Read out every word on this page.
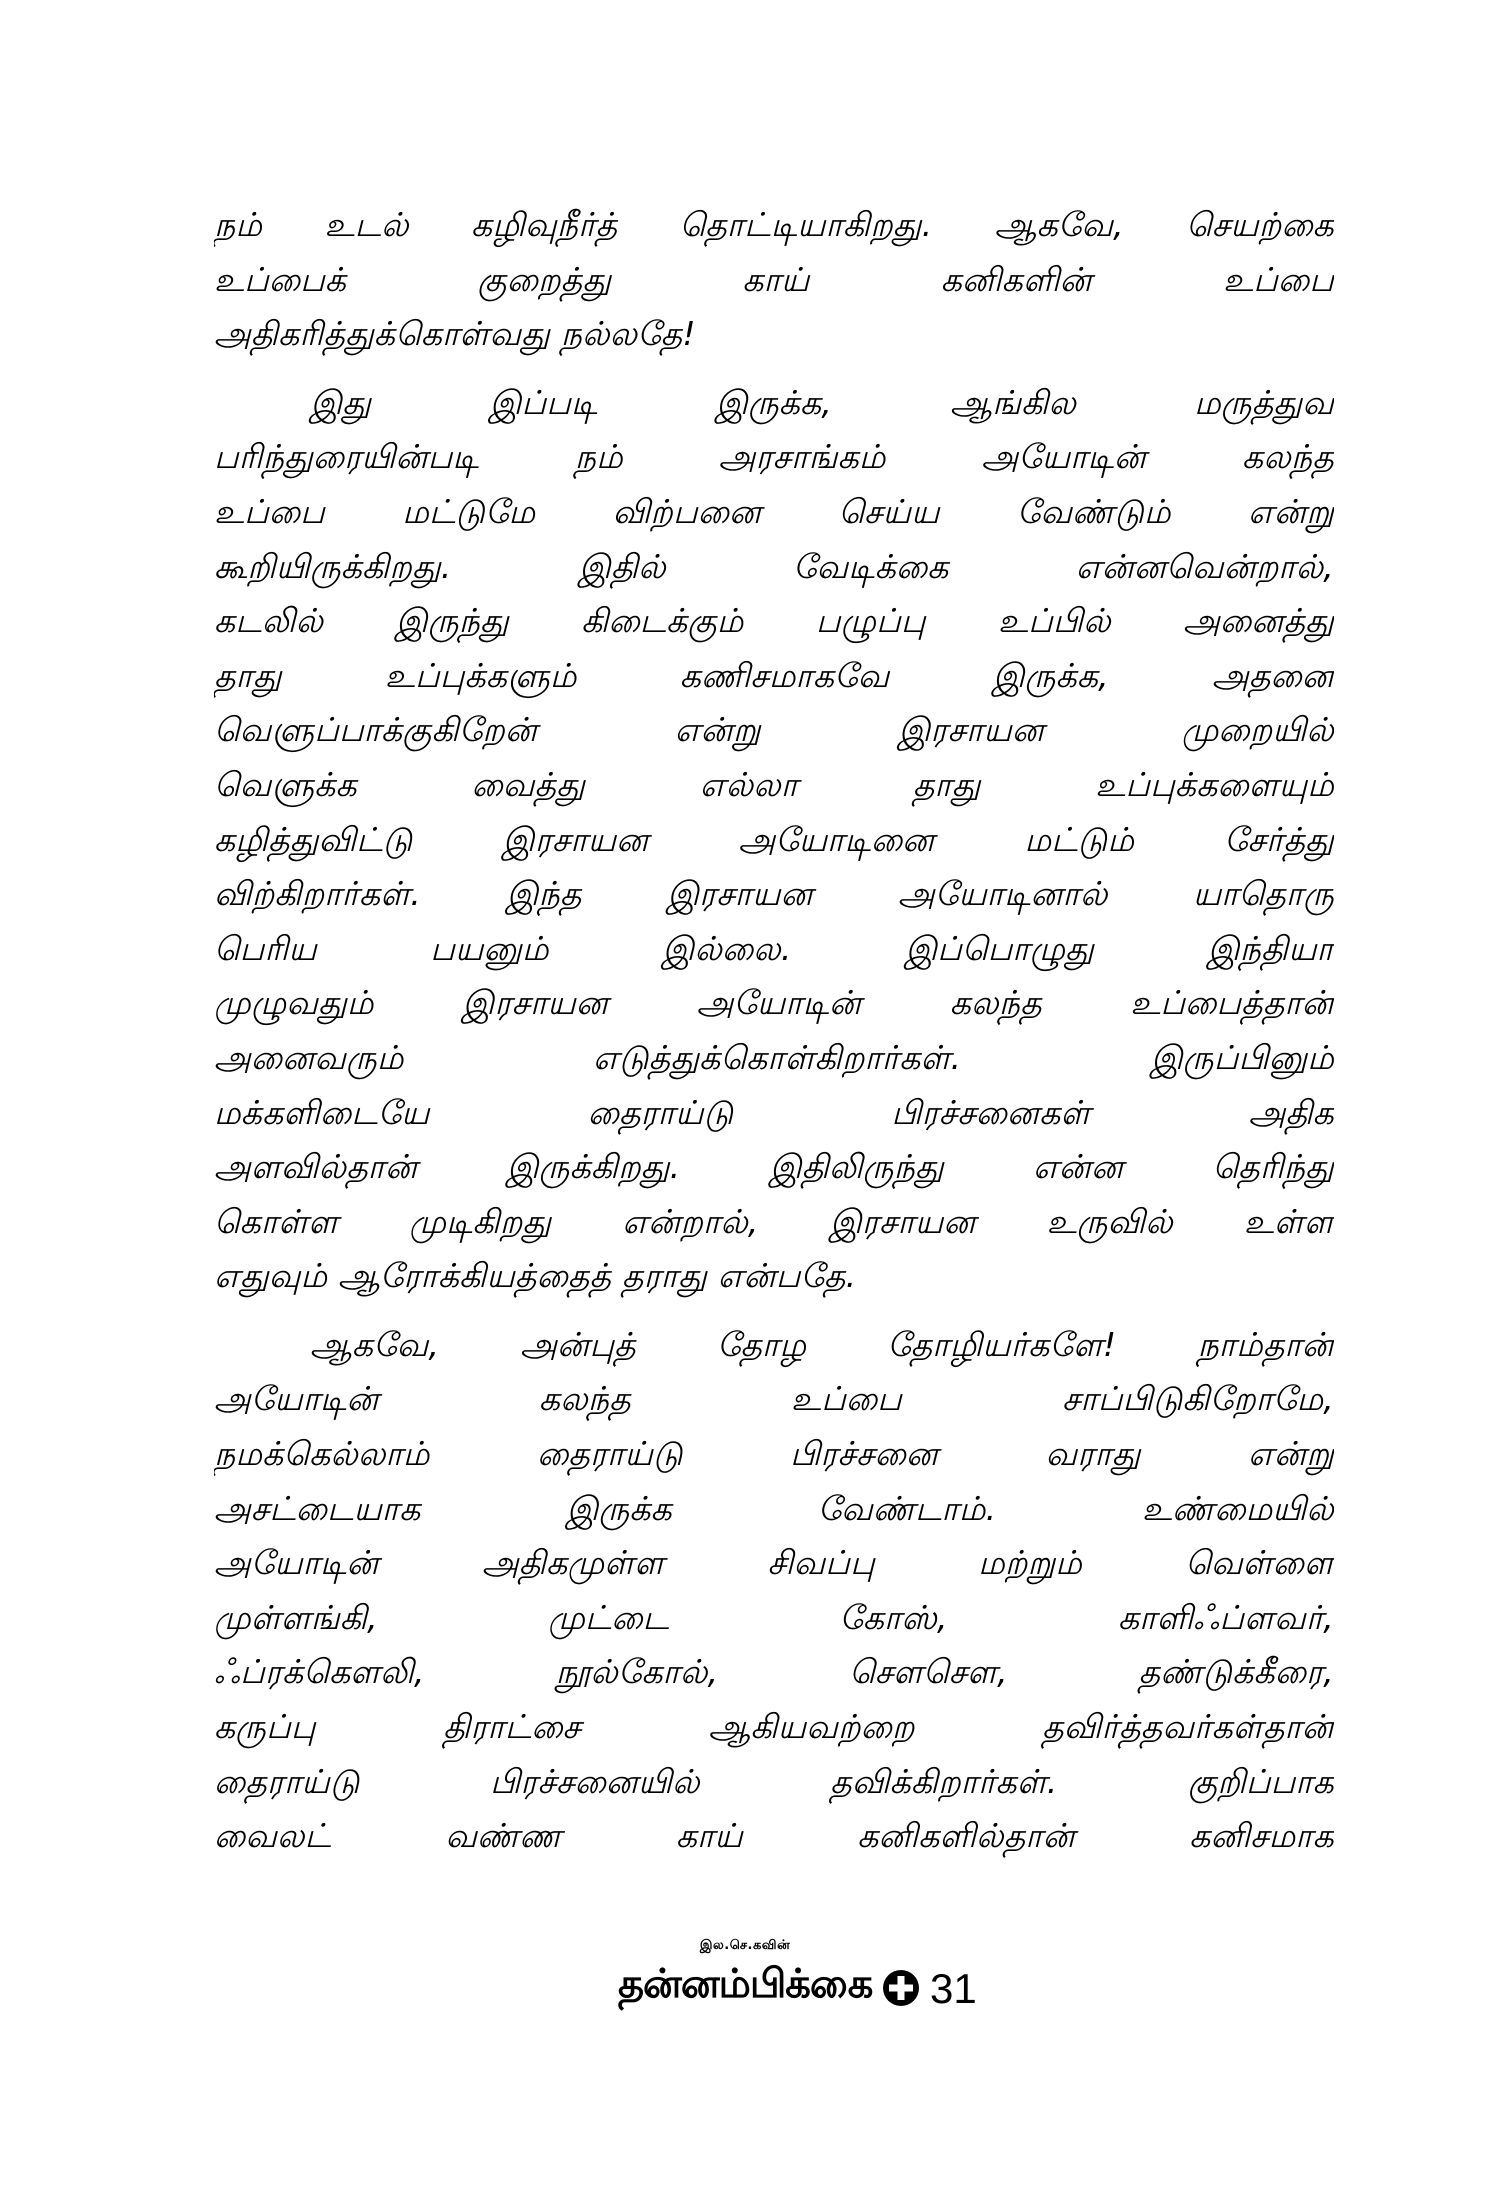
நம் உடல் கழிவுநீர்த் தொட்டியாகிறது. ஆகவே, செயற்கை
உப்பைக் குறைத்து காய் கனிகளின் உப்பை
அதிகரித்துக்கொள்வது நல்லதே!
இது இப்படி இருக்க, ஆங்கில மருத்துவ
பரிந்துரையின்படி நம் அரசாங்கம் அயோடின் கலந்த
உப்பை மட்டுமே விற்பனை செய்ய வேண்டும் என்று
கூறியிருக்கிறது. இதில் வேடிக்கை என்னவென்றால்,
கடலில் இருந்து கிடைக்கும் பழுப்பு உப்பில் அனைத்து
தாது உப்புக்களும் கணிசமாகவே இருக்க, அதனை
வெளுப்பாக்குகிறேன் என்று இரசாயன முறையில்
வெளுக்க வைத்து எல்லா தாது உப்புக்களையும்
கழித்துவிட்டு இரசாயன அயோடினை மட்டும் சேர்த்து
விற்கிறார்கள். இந்த இரசாயன அயோடினால் யாதொரு
பெரிய பயனும் இல்லை. இப்பொழுது இந்தியா
முழுவதும் இரசாயன அயோடின் கலந்த உப்பைத்தான்
அனைவரும் எடுத்துக்கொள்கிறார்கள். இருப்பினும்
மக்களிடையே தைராய்டு பிரச்சனைகள் அதிக
அளவில்தான் இருக்கிறது. இதிலிருந்து என்ன தெரிந்து
கொள்ள முடிகிறது என்றால், இரசாயன உருவில் உள்ள
எதுவும் ஆரோக்கியத்தைத் தராது என்பதே.
ஆகவே, அன்புத் தோழ தோழியர்களே! நாம்தான்
அயோடின் கலந்த உப்பை சாப்பிடுகிறோமே,
நமக்கெல்லாம் தைராய்டு பிரச்சனை வராது என்று
அசட்டையாக இருக்க வேண்டாம். உண்மையில்
அயோடின் அதிகமுள்ள சிவப்பு மற்றும் வெள்ளை
முள்ளங்கி, முட்டை கோஸ், காளிஃப்ளவர்,
ஃப்ரக்கௌலி, நூல்கோல், சௌசௌ, தண்டுக்கீரை,
கருப்பு திராட்சை ஆகியவற்றை தவிர்த்தவர்கள்தான்
தைராய்டு பிரச்சனையில் தவிக்கிறார்கள். குறிப்பாக
வைலட் வண்ண காய் கனிகளில்தான் கனிசமாக
இல.செ.கவின்
தன்னம்பிக்கை 31
